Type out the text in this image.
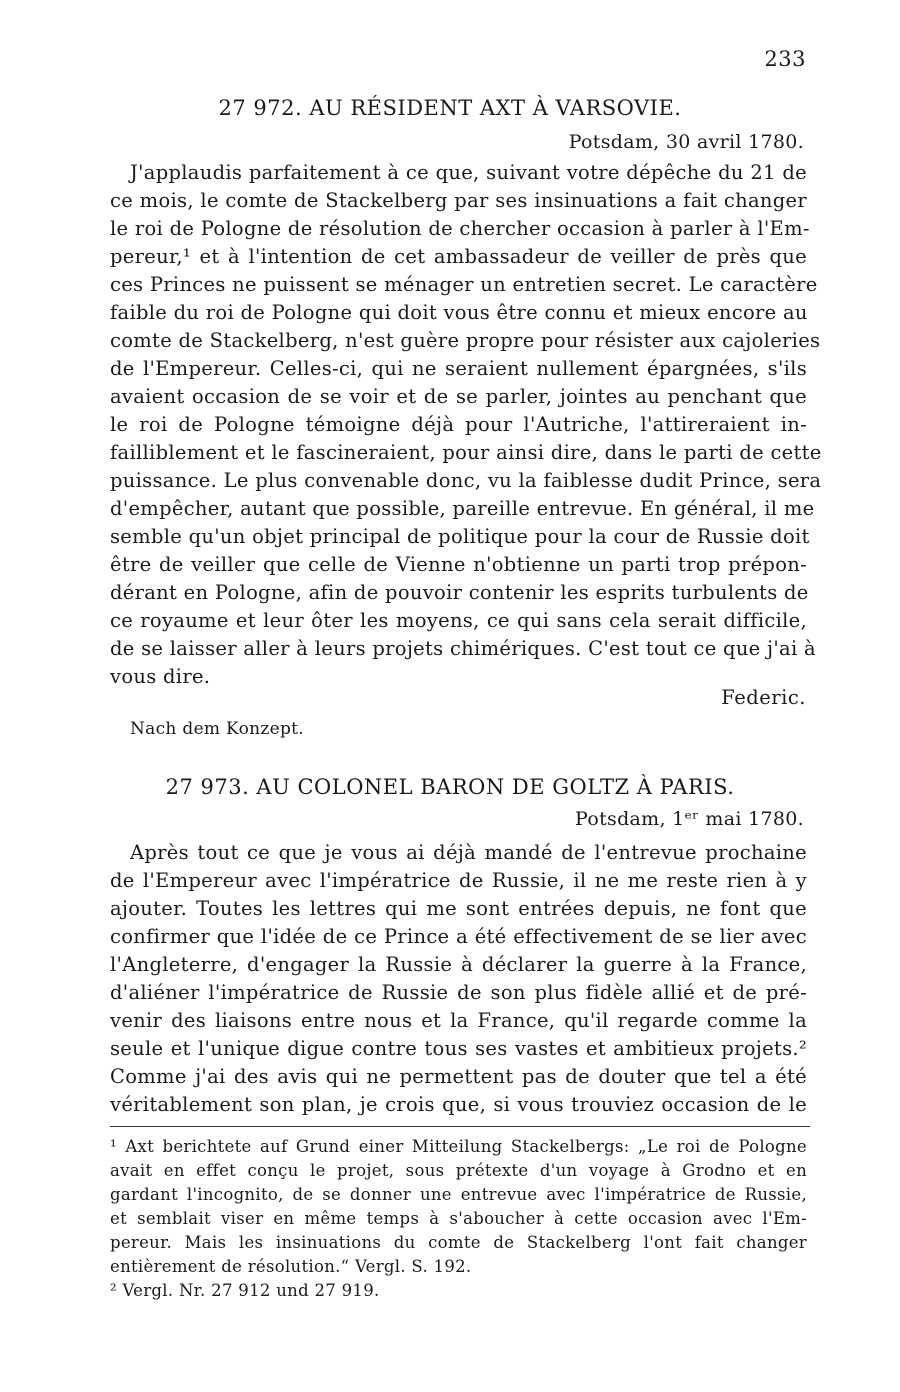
233
27 972. AU RÉSIDENT AXT À VARSOVIE.
Potsdam, 30 avril 1780.
J'applaudis parfaitement à ce que, suivant votre dépêche du 21 de
ce mois, le comte de Stackelberg par ses insinuations a fait changer
le roi de Pologne de résolution de chercher occasion à parler à l'Em-
pereur,¹ et à l'intention de cet ambassadeur de veiller de près que
ces Princes ne puissent se ménager un entretien secret. Le caractère
faible du roi de Pologne qui doit vous être connu et mieux encore au
comte de Stackelberg, n'est guère propre pour résister aux cajoleries
de l'Empereur. Celles-ci, qui ne seraient nullement épargnées, s'ils
avaient occasion de se voir et de se parler, jointes au penchant que
le roi de Pologne témoigne déjà pour l'Autriche, l'attireraient in-
failliblement et le fascineraient, pour ainsi dire, dans le parti de cette
puissance. Le plus convenable donc, vu la faiblesse dudit Prince, sera
d'empêcher, autant que possible, pareille entrevue. En général, il me
semble qu'un objet principal de politique pour la cour de Russie doit
être de veiller que celle de Vienne n'obtienne un parti trop prépon-
dérant en Pologne, afin de pouvoir contenir les esprits turbulents de
ce royaume et leur ôter les moyens, ce qui sans cela serait difficile,
de se laisser aller à leurs projets chimériques. C'est tout ce que j'ai à
vous dire.
Federic.
Nach dem Konzept.
27 973. AU COLONEL BARON DE GOLTZ À PARIS.
Potsdam, 1ᵉʳ mai 1780.
Après tout ce que je vous ai déjà mandé de l'entrevue prochaine
de l'Empereur avec l'impératrice de Russie, il ne me reste rien à y
ajouter. Toutes les lettres qui me sont entrées depuis, ne font que
confirmer que l'idée de ce Prince a été effectivement de se lier avec
l'Angleterre, d'engager la Russie à déclarer la guerre à la France,
d'aliéner l'impératrice de Russie de son plus fidèle allié et de pré-
venir des liaisons entre nous et la France, qu'il regarde comme la
seule et l'unique digue contre tous ses vastes et ambitieux projets.²
Comme j'ai des avis qui ne permettent pas de douter que tel a été
véritablement son plan, je crois que, si vous trouviez occasion de le
¹ Axt berichtete auf Grund einer Mitteilung Stackelbergs: „Le roi de Pologne
avait en effet conçu le projet, sous prétexte d'un voyage à Grodno et en
gardant l'incognito, de se donner une entrevue avec l'impératrice de Russie,
et semblait viser en même temps à s'aboucher à cette occasion avec l'Em-
pereur. Mais les insinuations du comte de Stackelberg l'ont fait changer
entièrement de résolution.“ Vergl. S. 192.
² Vergl. Nr. 27 912 und 27 919.
